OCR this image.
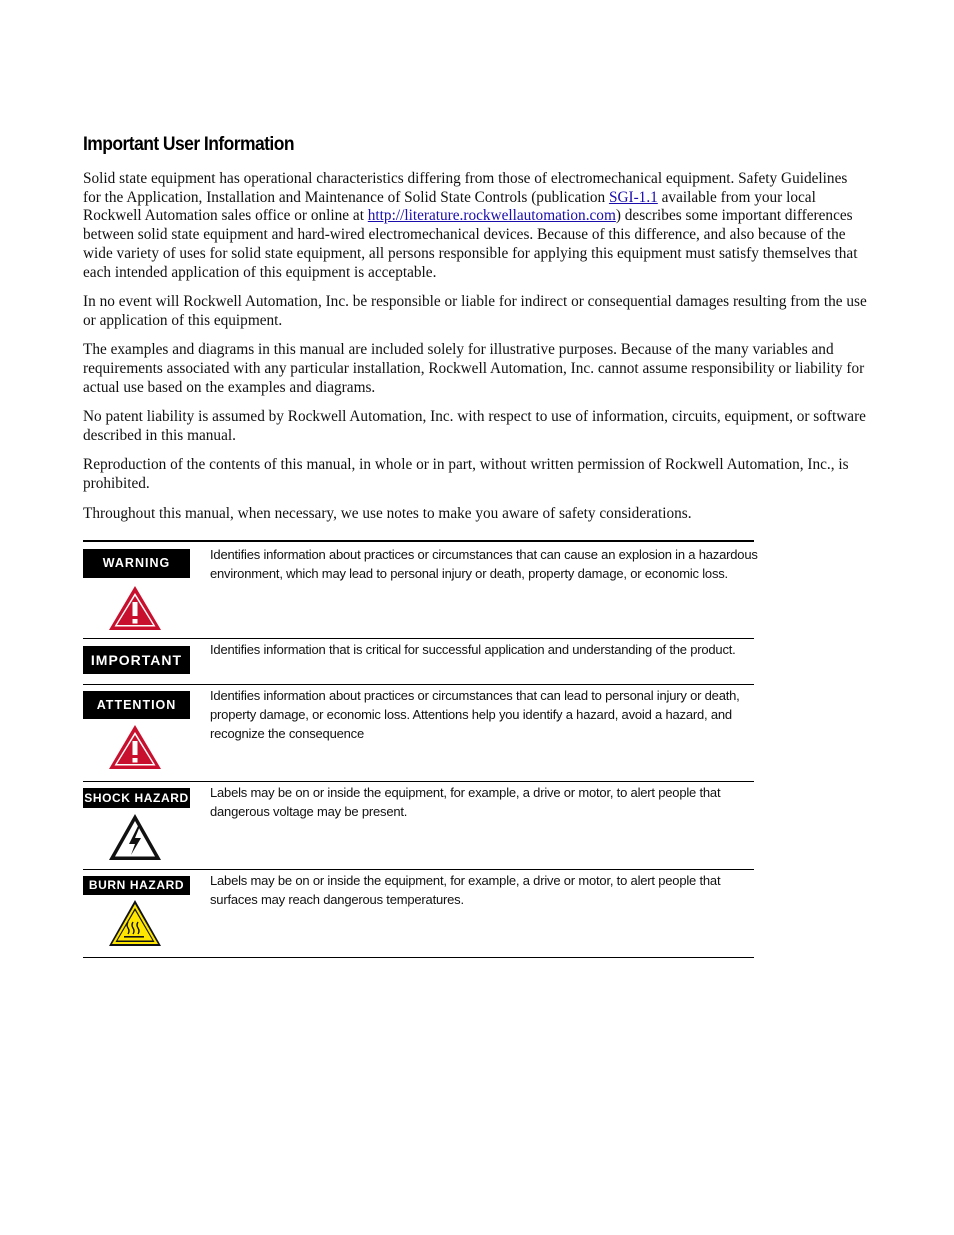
Important User Information

Solid state equipment has operational characteristics differing from those of electromechanical equipment. Safety Guidelines for the Application, Installation and Maintenance of Solid State Controls (publication SGI-1.1 available from your local Rockwell Automation sales office or online at http://literature.rockwellautomation.com) describes some important differences between solid state equipment and hard-wired electromechanical devices. Because of this difference, and also because of the wide variety of uses for solid state equipment, all persons responsible for applying this equipment must satisfy themselves that each intended application of this equipment is acceptable.

In no event will Rockwell Automation, Inc. be responsible or liable for indirect or consequential damages resulting from the use or application of this equipment.

The examples and diagrams in this manual are included solely for illustrative purposes. Because of the many variables and requirements associated with any particular installation, Rockwell Automation, Inc. cannot assume responsibility or liability for actual use based on the examples and diagrams.

No patent liability is assumed by Rockwell Automation, Inc. with respect to use of information, circuits, equipment, or software described in this manual.

Reproduction of the contents of this manual, in whole or in part, without written permission of Rockwell Automation, Inc., is prohibited.

Throughout this manual, when necessary, we use notes to make you aware of safety considerations.

WARNING
Identifies information about practices or circumstances that can cause an explosion in a hazardous environment, which may lead to personal injury or death, property damage, or economic loss.
IMPORTANT
Identifies information that is critical for successful application and understanding of the product.
ATTENTION
Identifies information about practices or circumstances that can lead to personal injury or death, property damage, or economic loss. Attentions help you identify a hazard, avoid a hazard, and recognize the consequence
SHOCK HAZARD Labels may be on or inside the equipment, for example, a drive or motor, to alert people that dangerous voltage may be present.
BURN HAZARD	Labels may be on or inside the equipment, for example, a drive or motor, to alert people that surfaces may reach dangerous temperatures.
